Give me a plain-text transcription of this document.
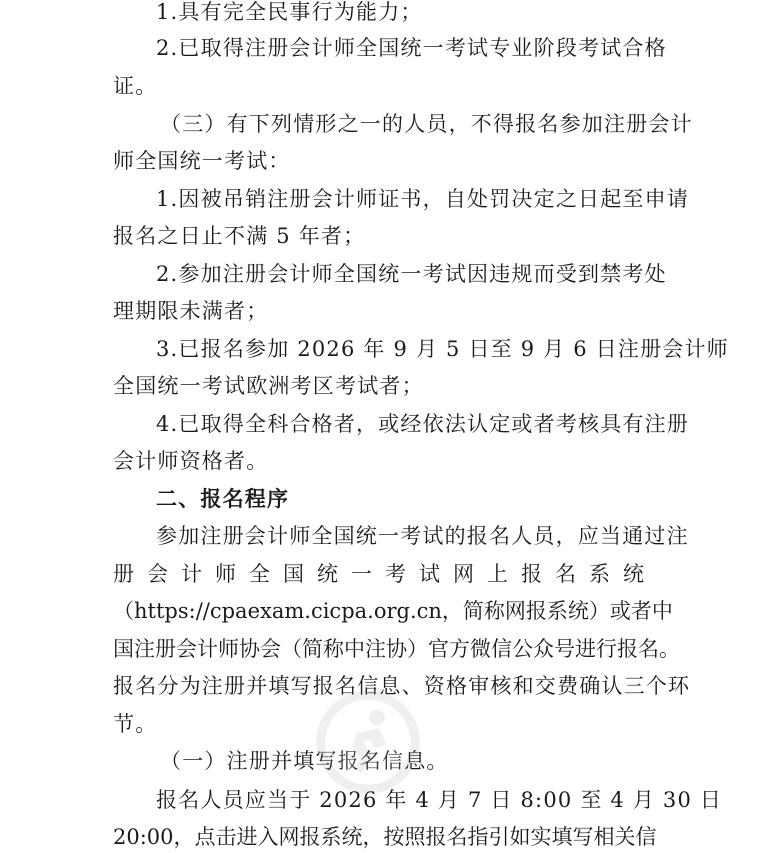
1.具有完全民事行为能力；
2.已取得注册会计师全国统一考试专业阶段考试合格
证。
（三）有下列情形之一的人员，不得报名参加注册会计
师全国统一考试：
1.因被吊销注册会计师证书，自处罚决定之日起至申请
报名之日止不满 5 年者；
2.参加注册会计师全国统一考试因违规而受到禁考处
理期限未满者；
3.已报名参加 2026 年 9 月 5 日至 9 月 6 日注册会计师
全国统一考试欧洲考区考试者；
4.已取得全科合格者，或经依法认定或者考核具有注册
会计师资格者。
二、报名程序
参加注册会计师全国统一考试的报名人员，应当通过注
册会计师全国统一考试网上报名系统
（https://cpaexam.cicpa.org.cn，简称网报系统）或者中
国注册会计师协会（简称中注协）官方微信公众号进行报名。
报名分为注册并填写报名信息、资格审核和交费确认三个环
节。
（一）注册并填写报名信息。
报名人员应当于 2026 年 4 月 7 日 8:00 至 4 月 30 日
20:00，点击进入网报系统，按照报名指引如实填写相关信
